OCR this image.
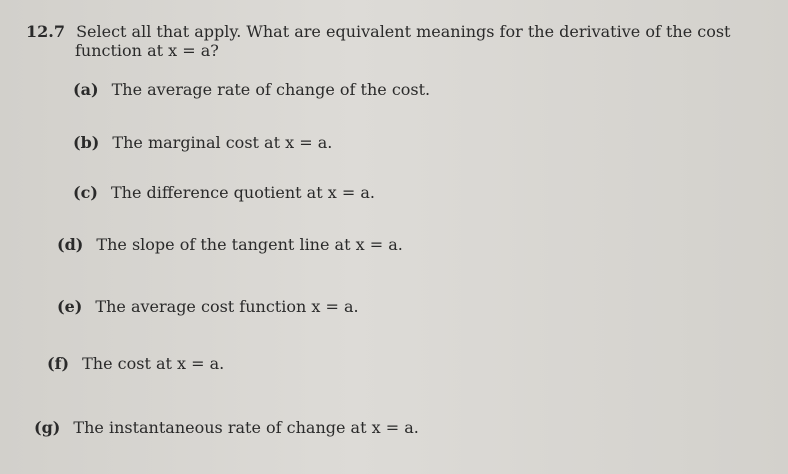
12.7 Select all that apply. What are equivalent meanings for the derivative of the cost
function at x = a?
(a) The average rate of change of the cost.
(b) The marginal cost at x = a.
(c) The difference quotient at x = a.
(d) The slope of the tangent line at x = a.
(e) The average cost function x = a.
(f) The cost at x = a.
(g) The instantaneous rate of change at x = a.
